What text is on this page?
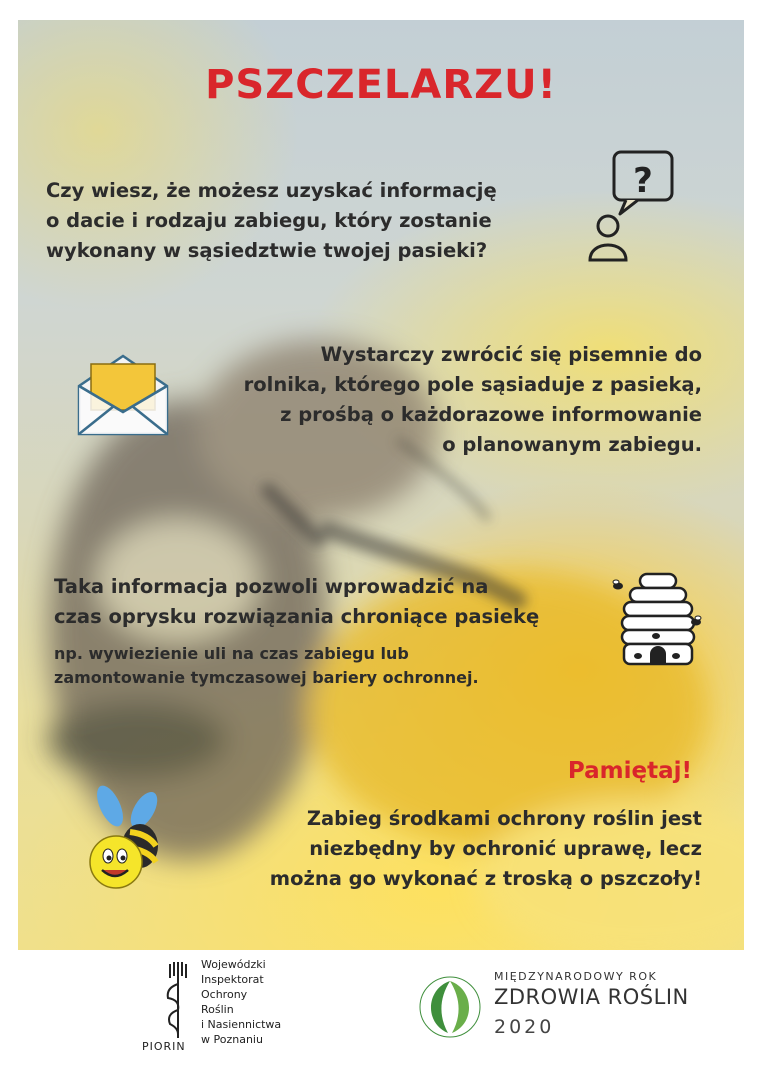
PSZCZELARZU!
Czy wiesz, że możesz uzyskać informację
o dacie i rodzaju zabiegu, który zostanie
wykonany w sąsiedztwie twojej pasieki?
?
Wystarczy zwrócić się pisemnie do
rolnika, którego pole sąsiaduje z pasieką,
z prośbą o każdorazowe informowanie
o planowanym zabiegu.
Taka informacja pozwoli wprowadzić na
czas oprysku rozwiązania chroniące pasiekę
np. wywiezienie uli na czas zabiegu lub
zamontowanie tymczasowej bariery ochronnej.
Pamiętaj!
Zabieg środkami ochrony roślin jest
niezbędny by ochronić uprawę, lecz
można go wykonać z troską o pszczoły!
Wojewódzki
Inspektorat
Ochrony
Roślin
i Nasiennictwa
w Poznaniu
PIORIN
MIĘDZYNARODOWY ROK
ZDROWIA ROŚLIN
2020
